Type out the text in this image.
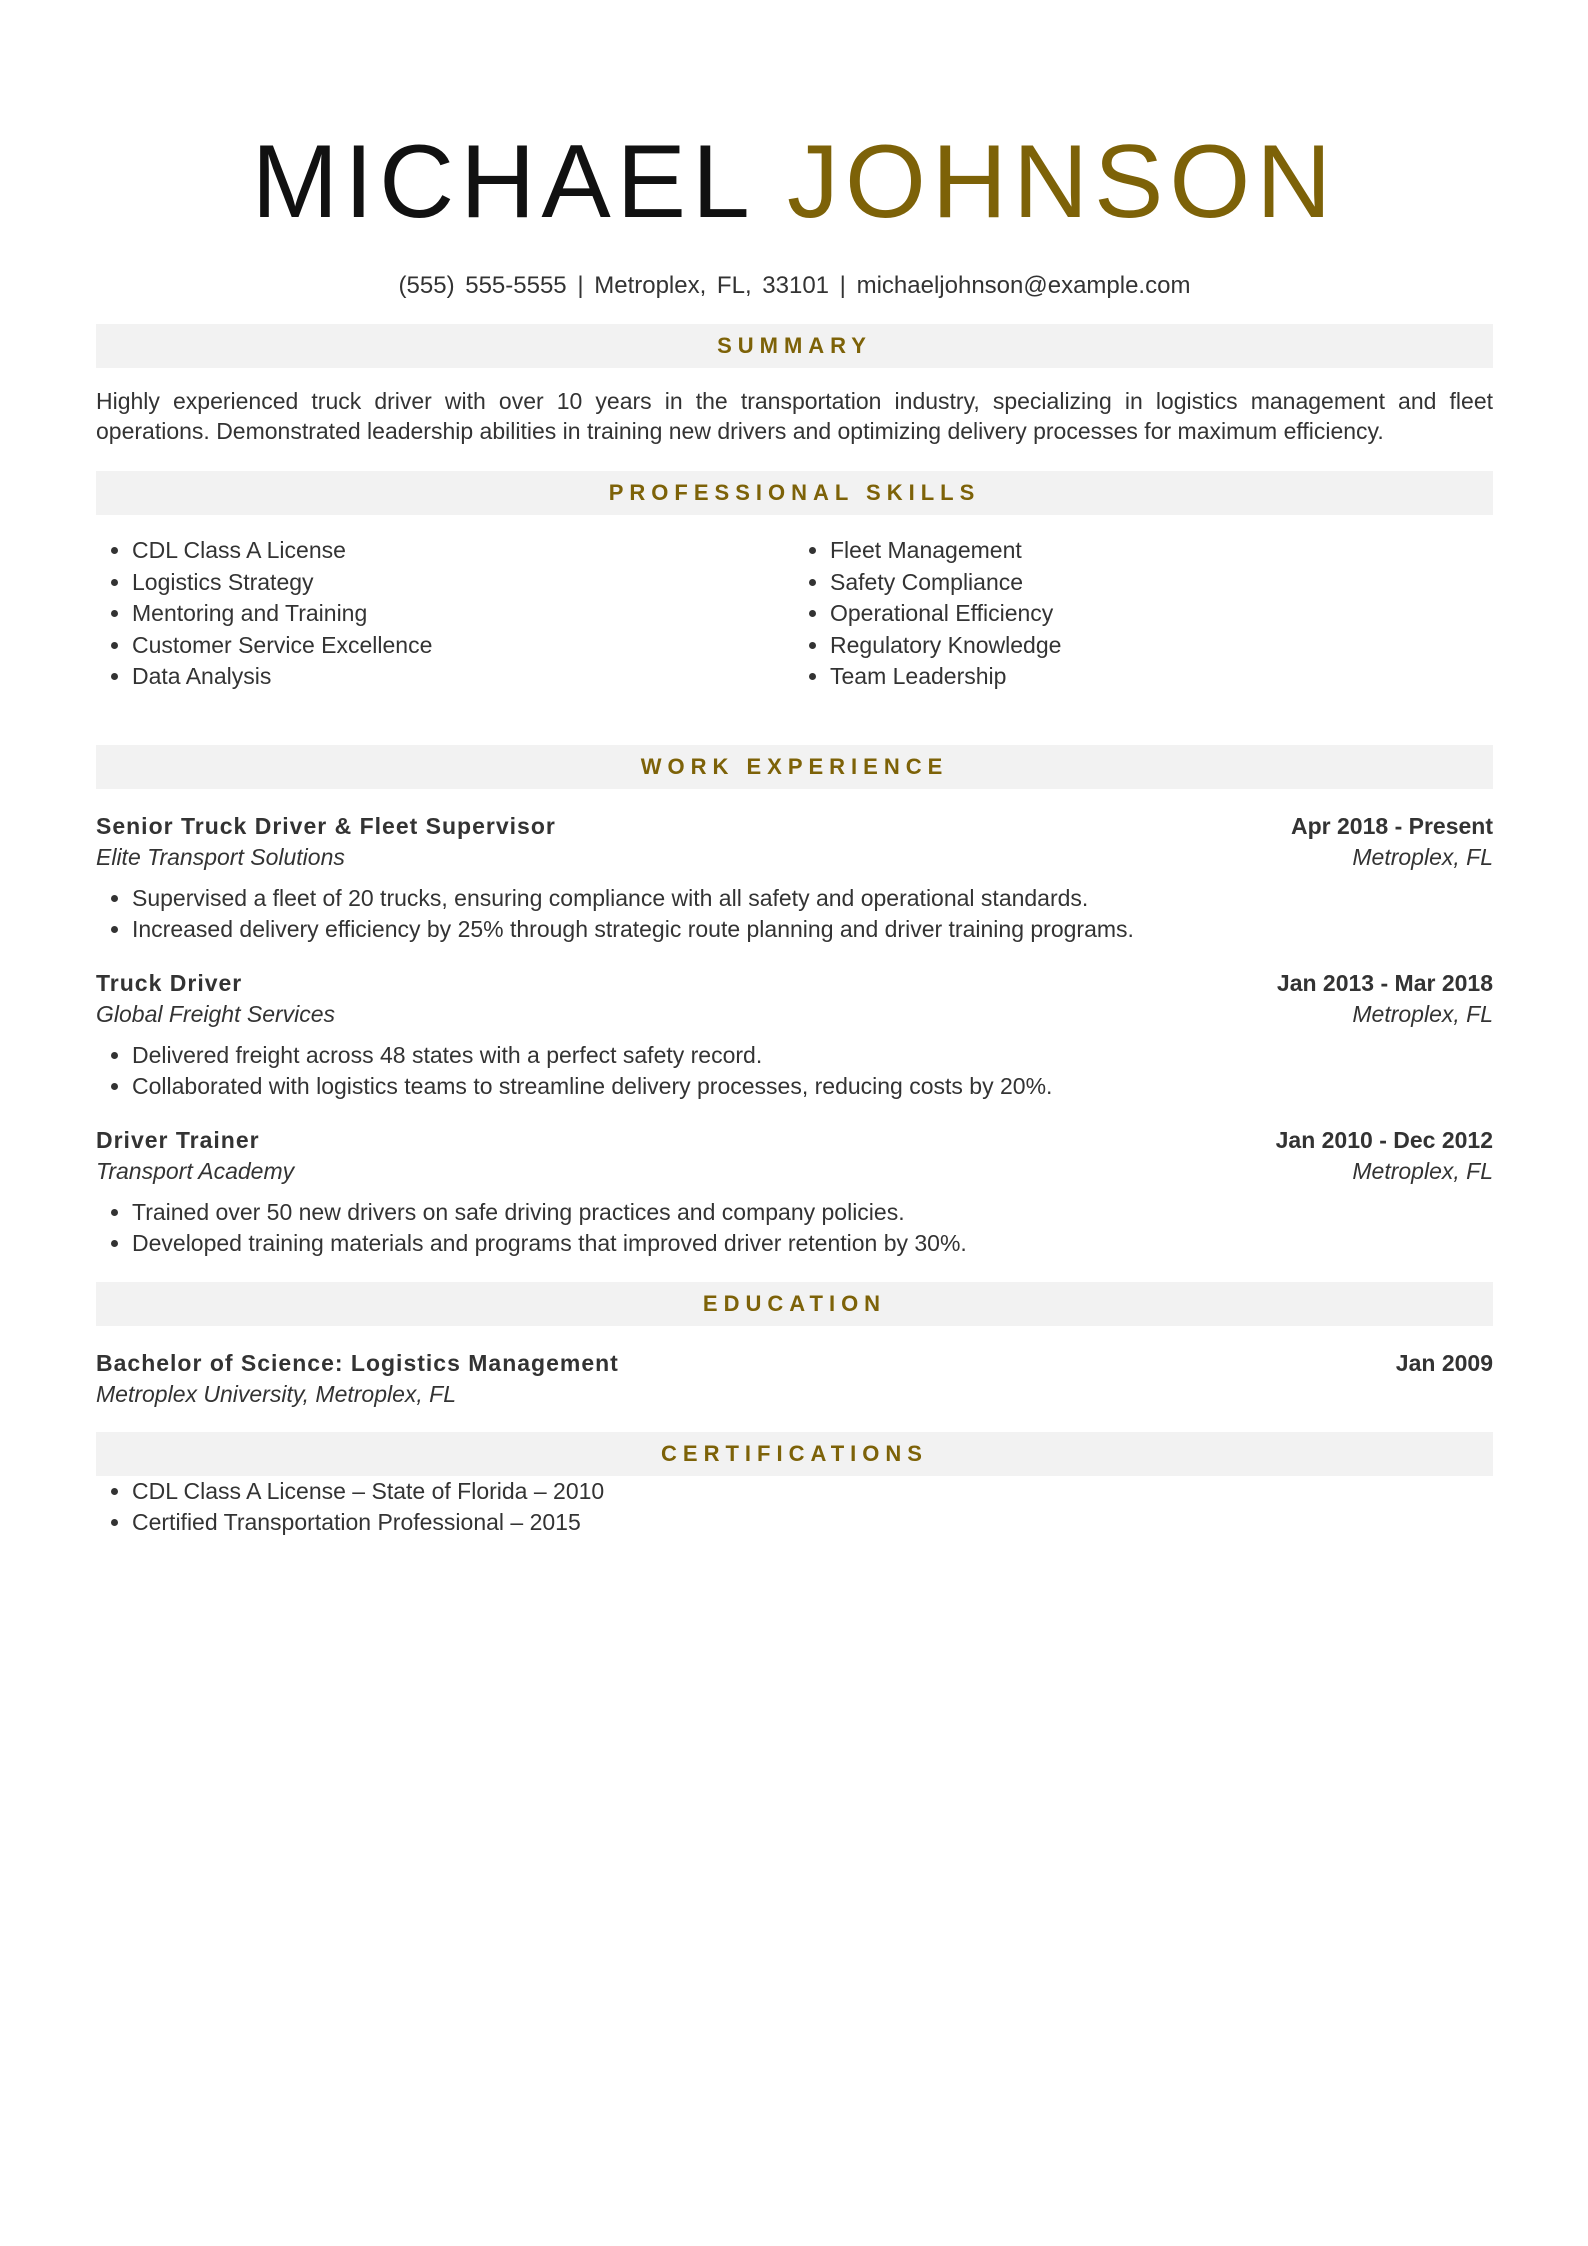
MICHAEL JOHNSON
(555) 555-5555 | Metroplex, FL, 33101 | michaeljohnson@example.com
SUMMARY

Highly experienced truck driver with over 10 years in the transportation industry, specializing in logistics management and fleet operations. Demonstrated leadership abilities in training new drivers and optimizing delivery processes for maximum efficiency.

PROFESSIONAL SKILLS
• CDL Class A License
• Logistics Strategy
• Mentoring and Training
• Customer Service Excellence
• Data Analysis
• Fleet Management
• Safety Compliance
• Operational Efficiency
• Regulatory Knowledge
• Team Leadership
WORK EXPERIENCE
Senior Truck Driver & Fleet Supervisor	Apr 2018 - Present
Elite Transport Solutions	Metroplex, FL
• Supervised a fleet of 20 trucks, ensuring compliance with all safety and operational standards.
• Increased delivery efficiency by 25% through strategic route planning and driver training programs.
Truck Driver	Jan 2013 - Mar 2018
Global Freight Services	Metroplex, FL
• Delivered freight across 48 states with a perfect safety record.
• Collaborated with logistics teams to streamline delivery processes, reducing costs by 20%.
Driver Trainer	Jan 2010 - Dec 2012
Transport Academy	Metroplex, FL
• Trained over 50 new drivers on safe driving practices and company policies.
• Developed training materials and programs that improved driver retention by 30%.
EDUCATION
Bachelor of Science: Logistics Management	Jan 2009
Metroplex University, Metroplex, FL
CERTIFICATIONS
• CDL Class A License – State of Florida – 2010
• Certified Transportation Professional – 2015
